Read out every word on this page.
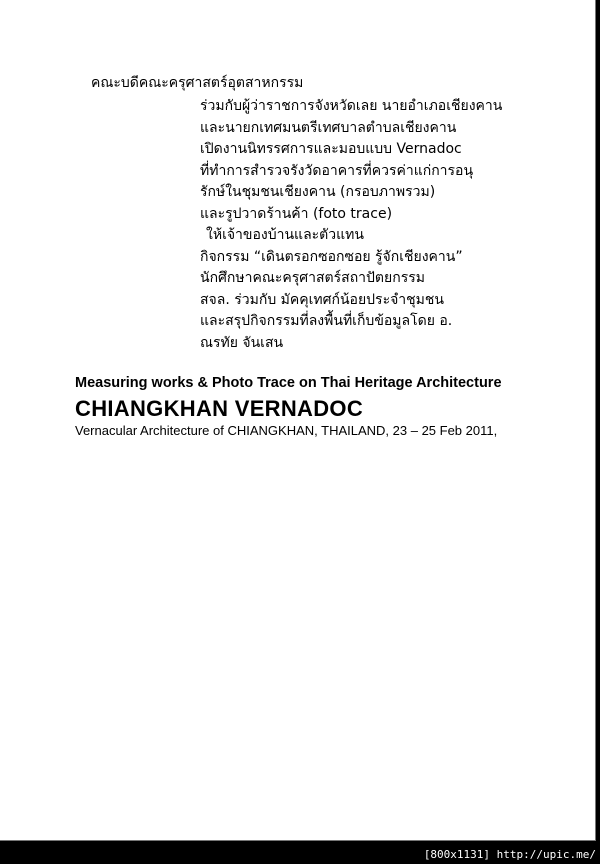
คณะบดีคณะครุศาสตร์อุตสาหกรรม
ร่วมกับผู้ว่าราชการจังหวัดเลย นายอำเภอเชียงคาน
และนายกเทศมนตรีเทศบาลตำบลเชียงคาน
เปิดงานนิทรรศการและมอบแบบ Vernadoc
ที่ทำการสำรวจรังวัดอาคารที่ควรค่าแก่การอนุ
รักษ์ในชุมชนเชียงคาน (กรอบภาพรวม)
และรูปวาดร้านค้า (foto trace)
ให้เจ้าของบ้านและตัวแทน
กิจกรรม “เดินตรอกซอกซอย รู้จักเชียงคาน”
นักศึกษาคณะครุศาสตร์สถาปัตยกรรม
สจล. ร่วมกับ มัคคุเทศก์น้อยประจำชุมชน
และสรุปกิจกรรมที่ลงพื้นที่เก็บข้อมูลโดย อ.
ณรทัย จันเสน
Measuring works & Photo Trace on Thai Heritage Architecture
CHIANGKHAN VERNADOC
Vernacular Architecture of CHIANGKHAN, THAILAND, 23 – 25 Feb 2011,
[800x1131] http://upic.me/
